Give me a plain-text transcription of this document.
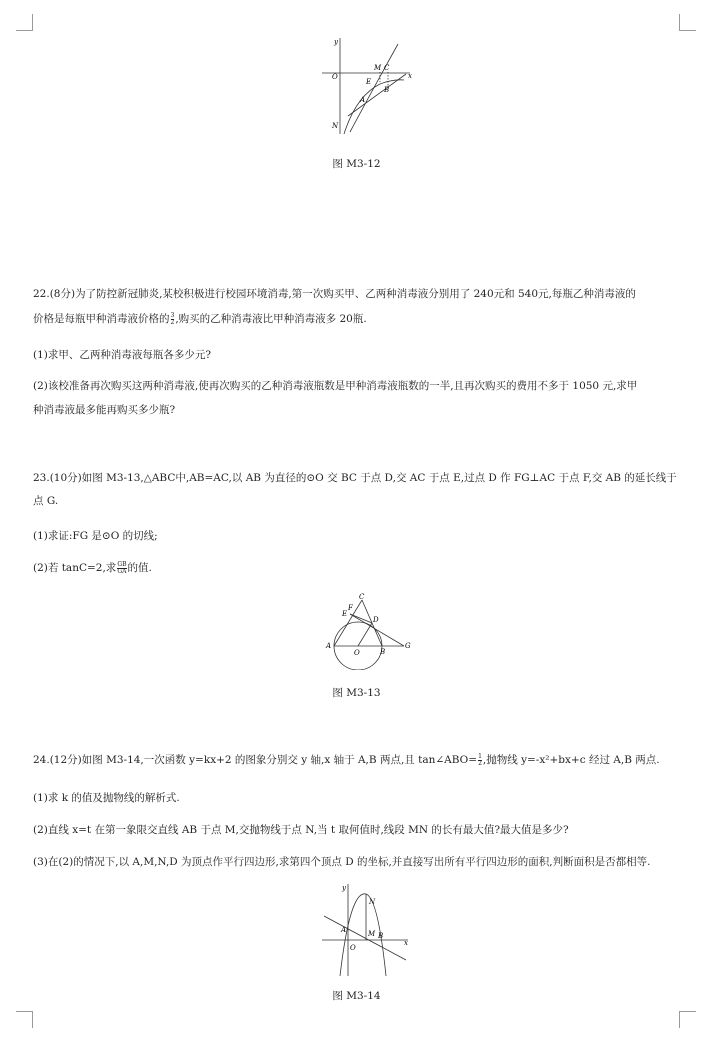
y
O	x
M C
E
B
A
N
图 M3-12
22.(8分)为了防控新冠肺炎,某校积极进行校园环境消毒,第一次购买甲、乙两种消毒液分别用了 240元和 540元,每瓶乙种消毒液的
价格是每瓶甲种消毒液价格的 $\frac{3}{2}$ ,购买的乙种消毒液比甲种消毒液多 20瓶.
(1)求甲、乙两种消毒液每瓶各多少元?
(2)该校准备再次购买这两种消毒液,使再次购买的乙种消毒液瓶数是甲种消毒液瓶数的一半,且再次购买的费用不多于 1050 元,求甲
种消毒液最多能再购买多少瓶?
23.(10分)如图 M3-13,△ABC中,AB=AC,以 AB 为直径的⊙O 交 BC 于点 D,交 AC 于点 E,过点 D 作 FG⊥AC 于点 F,交 AB 的延长线于
点 G.
(1)求证:FG 是⊙O 的切线;
(2)若 tanC=2,求 $\frac{GB}{GA}$ 的值.
C
E
F
D
A
O	B
G
图 M3-13
24.(12分)如图 M3-14,一次函数 y=kx+2 的图象分别交 y 轴,x 轴于 A,B 两点,且 tan∠ABO= $\frac{1}{2}$ ,抛物线 y=-x²+bx+c 经过 A,B 两点.
(1)求 k 的值及抛物线的解析式.
(2)直线 x=t 在第一象限交直线 AB 于点 M,交抛物线于点 N,当 t 取何值时,线段 MN 的长有最大值?最大值是多少?
(3)在(2)的情况下,以 A,M,N,D 为顶点作平行四边形,求第四个顶点 D 的坐标,并直接写出所有平行四边形的面积,判断面积是否都相等.
y
N
A	M B
x
O
图 M3-14
